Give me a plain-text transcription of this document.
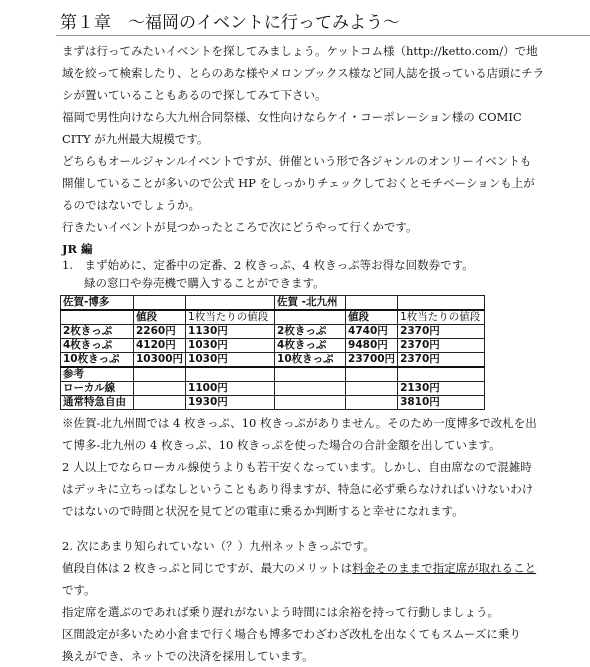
第１章　～福岡のイベントに行ってみよう～
まずは行ってみたいイベントを探してみましょう。ケットコム様（http://ketto.com/）で地
域を絞って検索したり、とらのあな様やメロンブックス様など同人誌を扱っている店頭にチラ
シが置いていることもあるので探してみて下さい。
福岡で男性向けなら大九州合同祭様、女性向けならケイ・コーポレーション様の COMIC
CITY が九州最大規模です。
どちらもオールジャンルイベントですが、併催という形で各ジャンルのオンリーイベントも
開催していることが多いので公式 HP をしっかりチェックしておくとモチベーションも上が
るのではないでしょうか。
行きたいイベントが見つかったところで次にどうやって行くかです。
JR 編
1.　まず始めに、定番中の定番、2 枚きっぷ、4 枚きっぷ等お得な回数券です。
緑の窓口や券売機で購入することができます。
佐賀-博多			佐賀 -北九州		
	値段	1枚当たりの値段		値段	1枚当たりの値段
2枚きっぷ	2260円	1130円	2枚きっぷ	4740円	2370円
4枚きっぷ	4120円	1030円	4枚きっぷ	9480円	2370円
10枚きっぷ	10300円	1030円	10枚きっぷ	23700円	2370円
参考					
ローカル線		1100円			2130円
通常特急自由		1930円			3810円
※佐賀-北九州間では 4 枚きっぷ、10 枚きっぷがありません。そのため一度博多で改札を出
て博多-北九州の 4 枚きっぷ、10 枚きっぷを使った場合の合計金額を出しています。
2 人以上でならローカル線使うよりも若干安くなっています。しかし、自由席なので混雑時
はデッキに立ちっぱなしということもあり得ますが、特急に必ず乗らなければいけないわけ
ではないので時間と状況を見てどの電車に乗るか判断すると幸せになれます。
2. 次にあまり知られていない（？）九州ネットきっぷです。
値段自体は 2 枚きっぷと同じですが、最大のメリットは料金そのままで指定席が取れること
です。
指定席を選ぶのであれば乗り遅れがないよう時間には余裕を持って行動しましょう。
区間設定が多いため小倉まで行く場合も博多でわざわざ改札を出なくてもスムーズに乗り
換えができ、ネットでの決済を採用しています。
